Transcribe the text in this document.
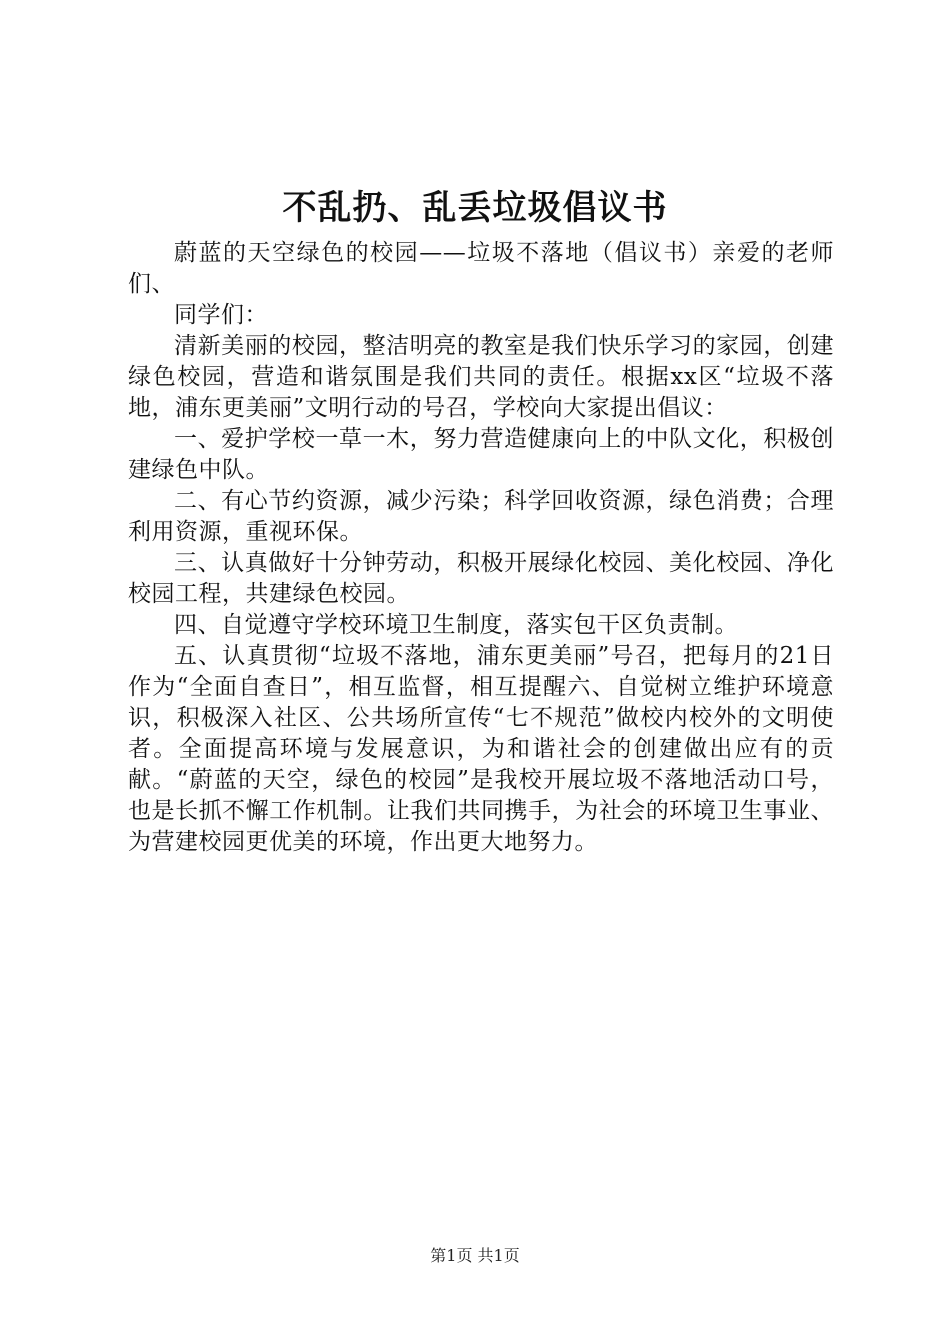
不乱扔、乱丢垃圾倡议书

蔚蓝的天空绿色的校园——垃圾不落地（倡议书）亲爱的老师们、

同学们：

清新美丽的校园，整洁明亮的教室是我们快乐学习的家园，创建绿色校园，营造和谐氛围是我们共同的责任。根据xx区“垃圾不落地，浦东更美丽”文明行动的号召，学校向大家提出倡议：

一、爱护学校一草一木，努力营造健康向上的中队文化，积极创建绿色中队。

二、有心节约资源，减少污染；科学回收资源，绿色消费；合理利用资源，重视环保。

三、认真做好十分钟劳动，积极开展绿化校园、美化校园、净化校园工程，共建绿色校园。

四、自觉遵守学校环境卫生制度，落实包干区负责制。

五、认真贯彻“垃圾不落地，浦东更美丽”号召，把每月的21日作为“全面自查日”，相互监督，相互提醒六、自觉树立维护环境意识，积极深入社区、公共场所宣传“七不规范”做校内校外的文明使者。全面提高环境与发展意识，为和谐社会的创建做出应有的贡献。“蔚蓝的天空，绿色的校园”是我校开展垃圾不落地活动口号，也是长抓不懈工作机制。让我们共同携手，为社会的环境卫生事业、为营建校园更优美的环境，作出更大地努力。

第1页 共1页
